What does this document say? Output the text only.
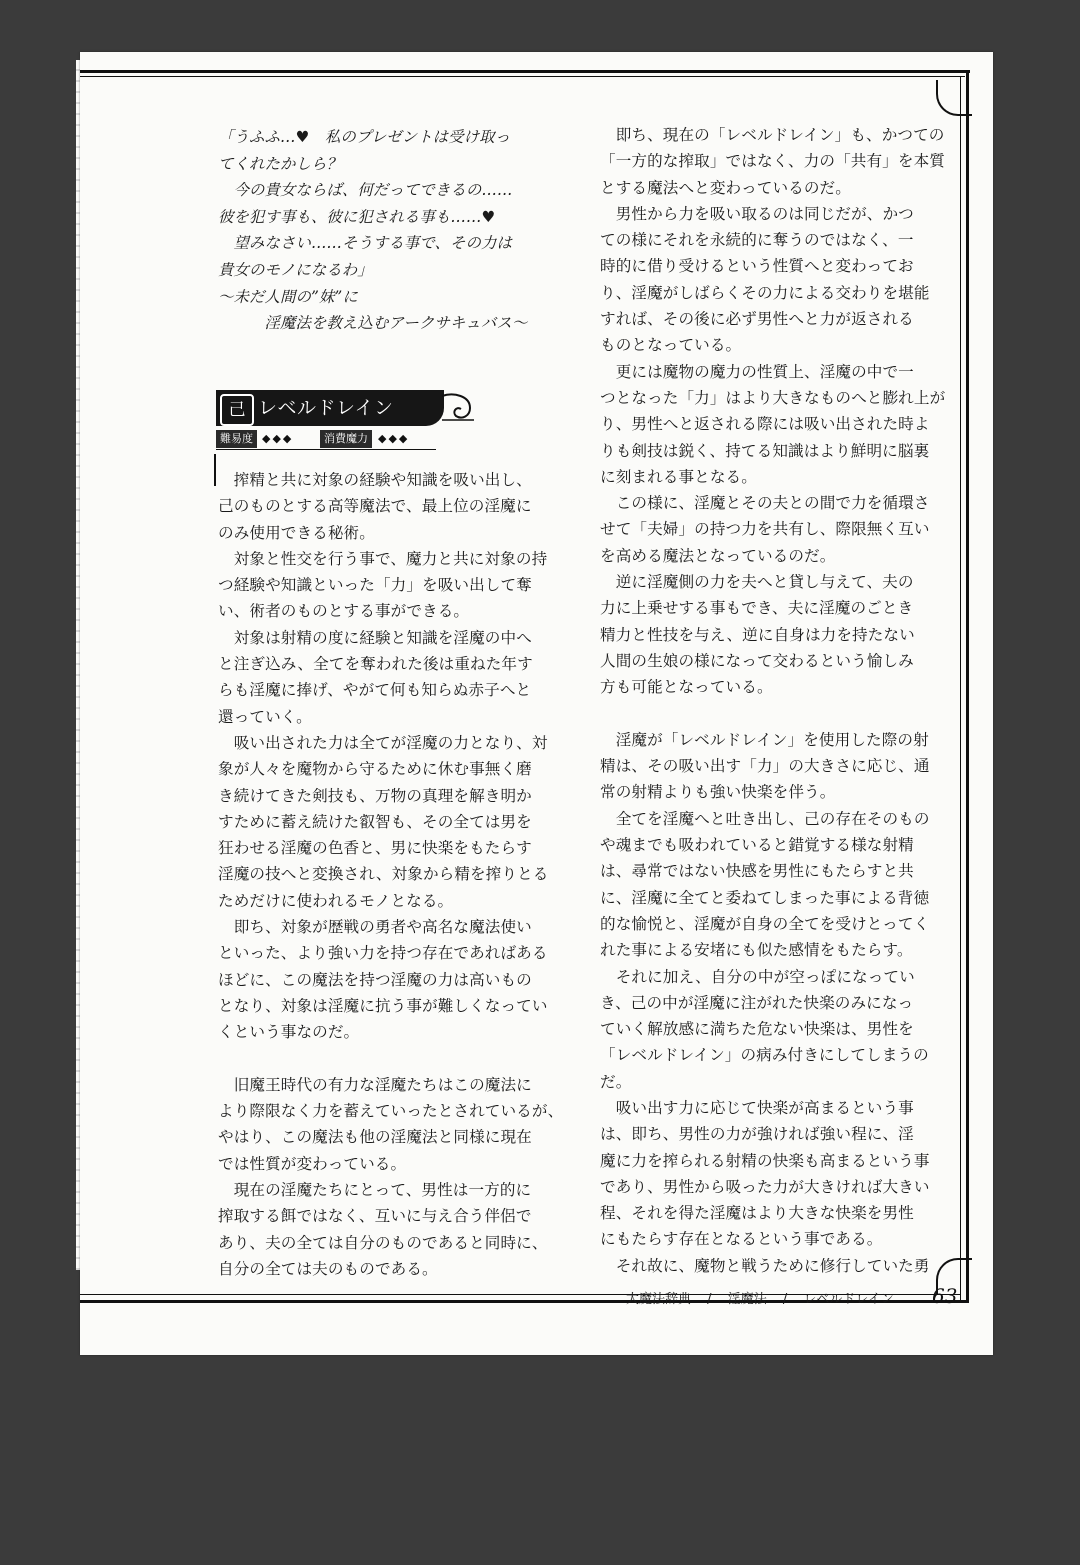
「うふふ…♥　私のプレゼントは受け取っ

てくれたかしら？

　今の貴女ならば、何だってできるの……

彼を犯す事も、彼に犯される事も……♥

　望みなさい……そうする事で、その力は

貴女のモノになるわ」

～未だ人間の”妹”に

　　　淫魔法を教え込むアークサキュバス～

己 レベルドレイン
難易度 ◆◆◆	消費魔力 ◆◆◆

　搾精と共に対象の経験や知識を吸い出し、

己のものとする高等魔法で、最上位の淫魔に

のみ使用できる秘術。

　対象と性交を行う事で、魔力と共に対象の持

つ経験や知識といった「力」を吸い出して奪

い、術者のものとする事ができる。

　対象は射精の度に経験と知識を淫魔の中へ

と注ぎ込み、全てを奪われた後は重ねた年す

らも淫魔に捧げ、やがて何も知らぬ赤子へと

還っていく。

　吸い出された力は全てが淫魔の力となり、対

象が人々を魔物から守るために休む事無く磨

き続けてきた剣技も、万物の真理を解き明か

すために蓄え続けた叡智も、その全ては男を

狂わせる淫魔の色香と、男に快楽をもたらす

淫魔の技へと変換され、対象から精を搾りとる

ためだけに使われるモノとなる。

　即ち、対象が歴戦の勇者や高名な魔法使い

といった、より強い力を持つ存在であればある

ほどに、この魔法を持つ淫魔の力は高いもの

となり、対象は淫魔に抗う事が難しくなってい

くという事なのだ。

　旧魔王時代の有力な淫魔たちはこの魔法に

より際限なく力を蓄えていったとされているが、

やはり、この魔法も他の淫魔法と同様に現在

では性質が変わっている。

　現在の淫魔たちにとって、男性は一方的に

搾取する餌ではなく、互いに与え合う伴侶で

あり、夫の全ては自分のものであると同時に、

自分の全ては夫のものである。

　即ち、現在の「レベルドレイン」も、かつての

「一方的な搾取」ではなく、力の「共有」を本質

とする魔法へと変わっているのだ。

　男性から力を吸い取るのは同じだが、かつ

ての様にそれを永続的に奪うのではなく、一

時的に借り受けるという性質へと変わってお

り、淫魔がしばらくその力による交わりを堪能

すれば、その後に必ず男性へと力が返される

ものとなっている。

　更には魔物の魔力の性質上、淫魔の中で一

つとなった「力」はより大きなものへと膨れ上が

り、男性へと返される際には吸い出された時よ

りも剣技は鋭く、持てる知識はより鮮明に脳裏

に刻まれる事となる。

　この様に、淫魔とその夫との間で力を循環さ

せて「夫婦」の持つ力を共有し、際限無く互い

を高める魔法となっているのだ。

　逆に淫魔側の力を夫へと貸し与えて、夫の

力に上乗せする事もでき、夫に淫魔のごとき

精力と性技を与え、逆に自身は力を持たない

人間の生娘の様になって交わるという愉しみ

方も可能となっている。

　淫魔が「レベルドレイン」を使用した際の射

精は、その吸い出す「力」の大きさに応じ、通

常の射精よりも強い快楽を伴う。

　全てを淫魔へと吐き出し、己の存在そのもの

や魂までも吸われていると錯覚する様な射精

は、尋常ではない快感を男性にもたらすと共

に、淫魔に全てと委ねてしまった事による背徳

的な愉悦と、淫魔が自身の全てを受けとってく

れた事による安堵にも似た感情をもたらす。

　それに加え、自分の中が空っぽになってい

き、己の中が淫魔に注がれた快楽のみになっ

ていく解放感に満ちた危ない快楽は、男性を

「レベルドレイン」の病み付きにしてしまうの

だ。

　吸い出す力に応じて快楽が高まるという事

は、即ち、男性の力が強ければ強い程に、淫

魔に力を搾られる射精の快楽も高まるという事

であり、男性から吸った力が大きければ大きい

程、それを得た淫魔はより大きな快楽を男性

にもたらす存在となるという事である。

　それ故に、魔物と戦うために修行していた勇

大魔法辞典 / 淫魔法 / レベルドレイン 63
